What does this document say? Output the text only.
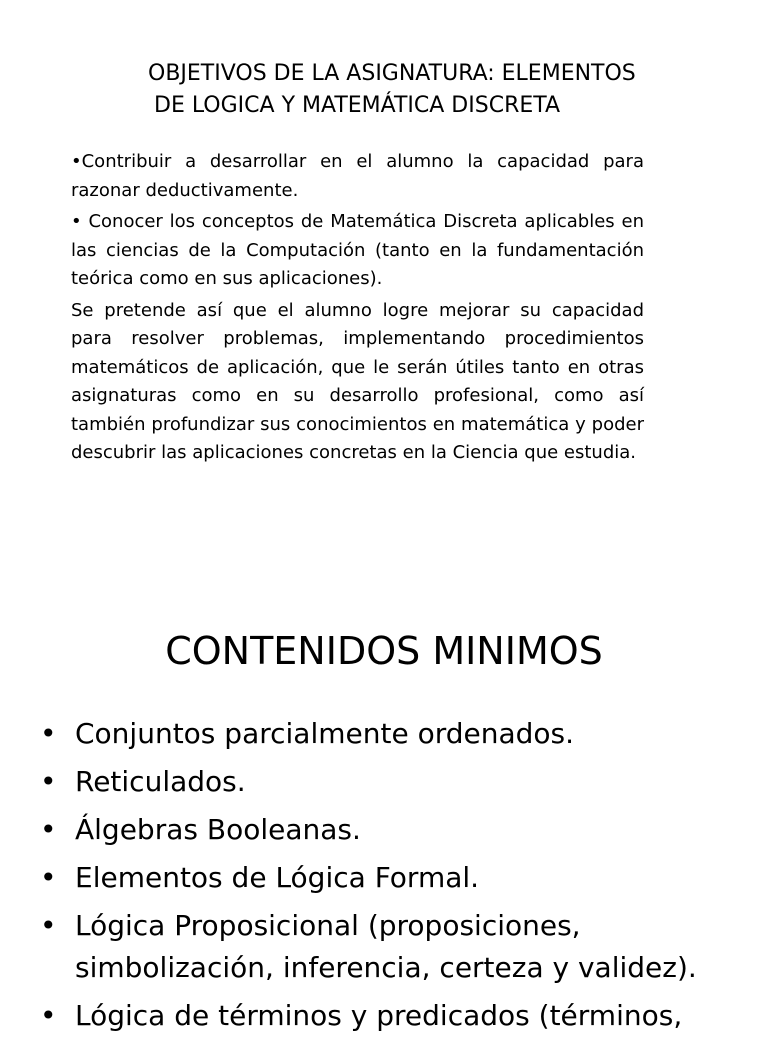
OBJETIVOS DE LA ASIGNATURA: ELEMENTOS
DE LOGICA Y MATEMÁTICA DISCRETA

•Contribuir a desarrollar en el alumno la capacidad para razonar deductivamente.

• Conocer los conceptos de Matemática Discreta aplicables en las ciencias de la Computación (tanto en la fundamentación teórica como en sus aplicaciones).

Se pretende así que el alumno logre mejorar su capacidad para resolver problemas, implementando procedimientos matemáticos de aplicación, que le serán útiles tanto en otras asignaturas como en su desarrollo profesional, como así también profundizar sus conocimientos en matemática y poder descubrir las aplicaciones concretas en la Ciencia que estudia.

CONTENIDOS MINIMOS
• Conjuntos parcialmente ordenados.
• Reticulados.
• Álgebras Booleanas.
• Elementos de Lógica Formal.
• Lógica Proposicional (proposiciones, simbolización, inferencia, certeza y validez).
• Lógica de términos y predicados (términos,
